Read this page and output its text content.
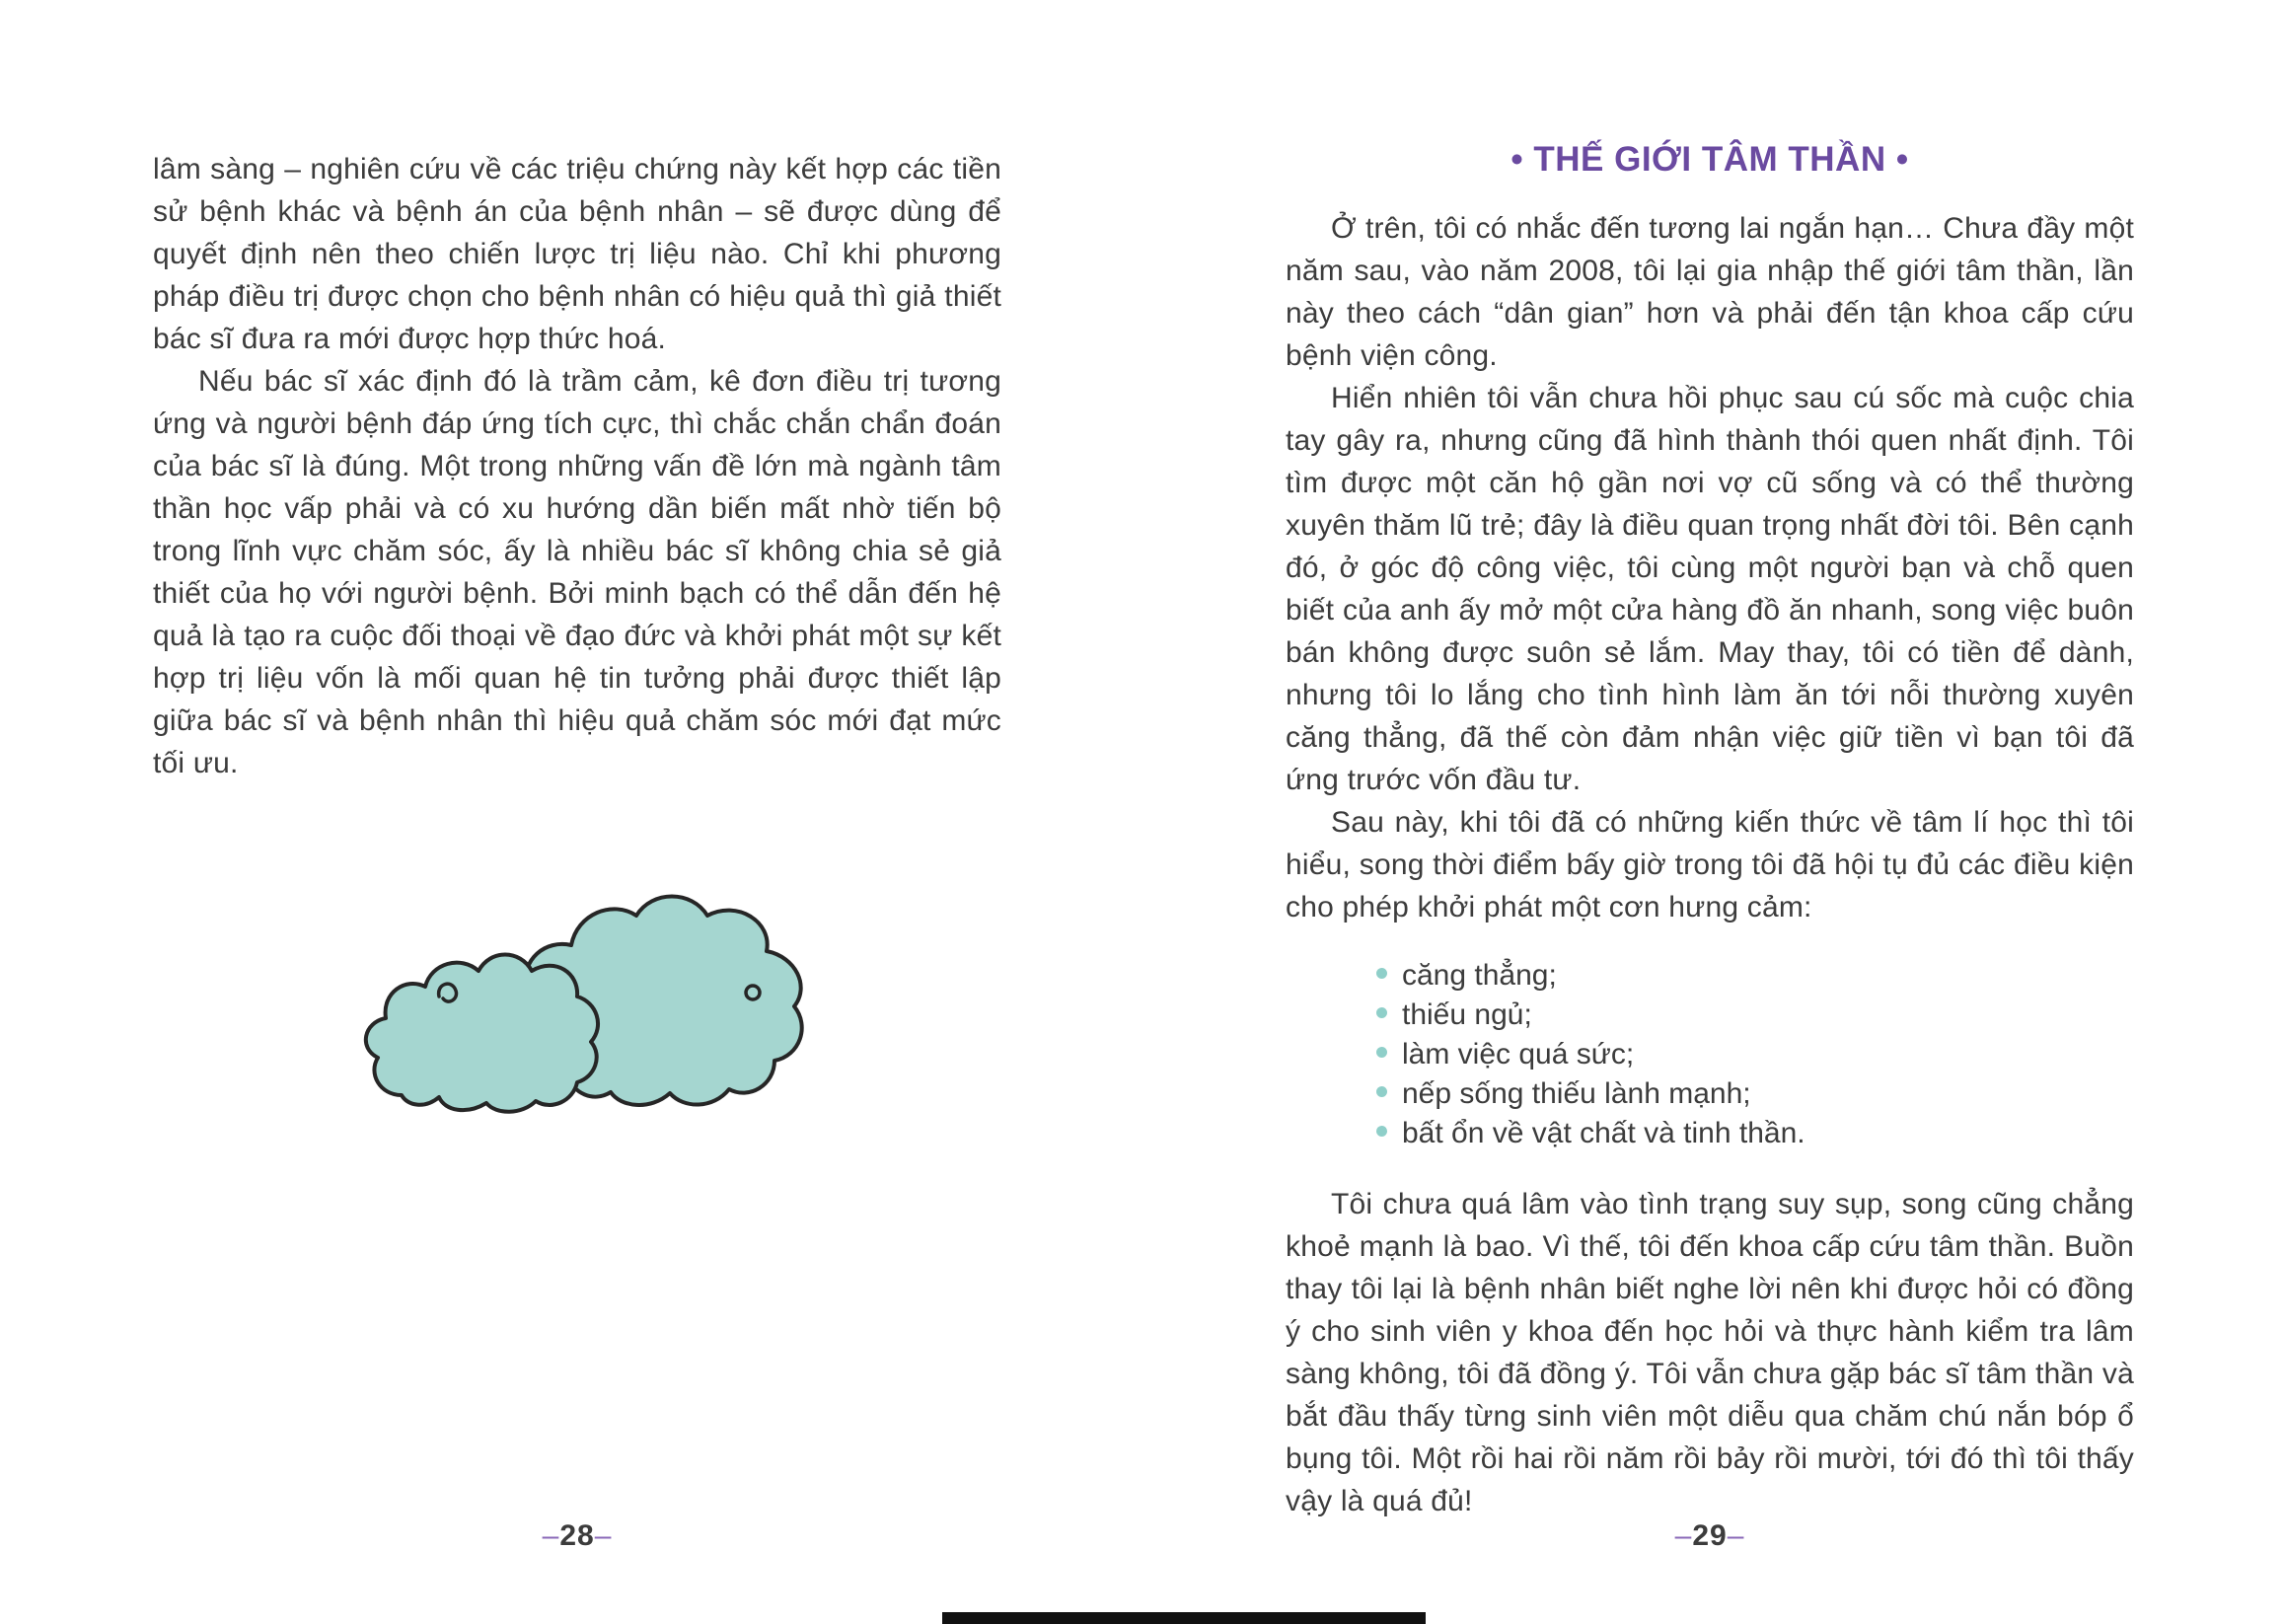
lâm sàng – nghiên cứu về các triệu chứng này kết hợp các tiền sử bệnh khác và bệnh án của bệnh nhân – sẽ được dùng để quyết định nên theo chiến lược trị liệu nào. Chỉ khi phương pháp điều trị được chọn cho bệnh nhân có hiệu quả thì giả thiết bác sĩ đưa ra mới được hợp thức hoá.

Nếu bác sĩ xác định đó là trầm cảm, kê đơn điều trị tương ứng và người bệnh đáp ứng tích cực, thì chắc chắn chẩn đoán của bác sĩ là đúng. Một trong những vấn đề lớn mà ngành tâm thần học vấp phải và có xu hướng dần biến mất nhờ tiến bộ trong lĩnh vực chăm sóc, ấy là nhiều bác sĩ không chia sẻ giả thiết của họ với người bệnh. Bởi minh bạch có thể dẫn đến hệ quả là tạo ra cuộc đối thoại về đạo đức và khởi phát một sự kết hợp trị liệu vốn là mối quan hệ tin tưởng phải được thiết lập giữa bác sĩ và bệnh nhân thì hiệu quả chăm sóc mới đạt mức tối ưu.

• THẾ GIỚI TÂM THẦN •

Ở trên, tôi có nhắc đến tương lai ngắn hạn… Chưa đầy một năm sau, vào năm 2008, tôi lại gia nhập thế giới tâm thần, lần này theo cách “dân gian” hơn và phải đến tận khoa cấp cứu bệnh viện công.

Hiển nhiên tôi vẫn chưa hồi phục sau cú sốc mà cuộc chia tay gây ra, nhưng cũng đã hình thành thói quen nhất định. Tôi tìm được một căn hộ gần nơi vợ cũ sống và có thể thường xuyên thăm lũ trẻ; đây là điều quan trọng nhất đời tôi. Bên cạnh đó, ở góc độ công việc, tôi cùng một người bạn và chỗ quen biết của anh ấy mở một cửa hàng đồ ăn nhanh, song việc buôn bán không được suôn sẻ lắm. May thay, tôi có tiền để dành, nhưng tôi lo lắng cho tình hình làm ăn tới nỗi thường xuyên căng thẳng, đã thế còn đảm nhận việc giữ tiền vì bạn tôi đã ứng trước vốn đầu tư.

Sau này, khi tôi đã có những kiến thức về tâm lí học thì tôi hiểu, song thời điểm bấy giờ trong tôi đã hội tụ đủ các điều kiện cho phép khởi phát một cơn hưng cảm:

căng thẳng;
thiếu ngủ;
làm việc quá sức;
nếp sống thiếu lành mạnh;
bất ổn về vật chất và tinh thần.

Tôi chưa quá lâm vào tình trạng suy sụp, song cũng chẳng khoẻ mạnh là bao. Vì thế, tôi đến khoa cấp cứu tâm thần. Buồn thay tôi lại là bệnh nhân biết nghe lời nên khi được hỏi có đồng ý cho sinh viên y khoa đến học hỏi và thực hành kiểm tra lâm sàng không, tôi đã đồng ý. Tôi vẫn chưa gặp bác sĩ tâm thần và bắt đầu thấy từng sinh viên một diễu qua chăm chú nắn bóp ổ bụng tôi. Một rồi hai rồi năm rồi bảy rồi mười, tới đó thì tôi thấy vậy là quá đủ!

–28–	–29–
